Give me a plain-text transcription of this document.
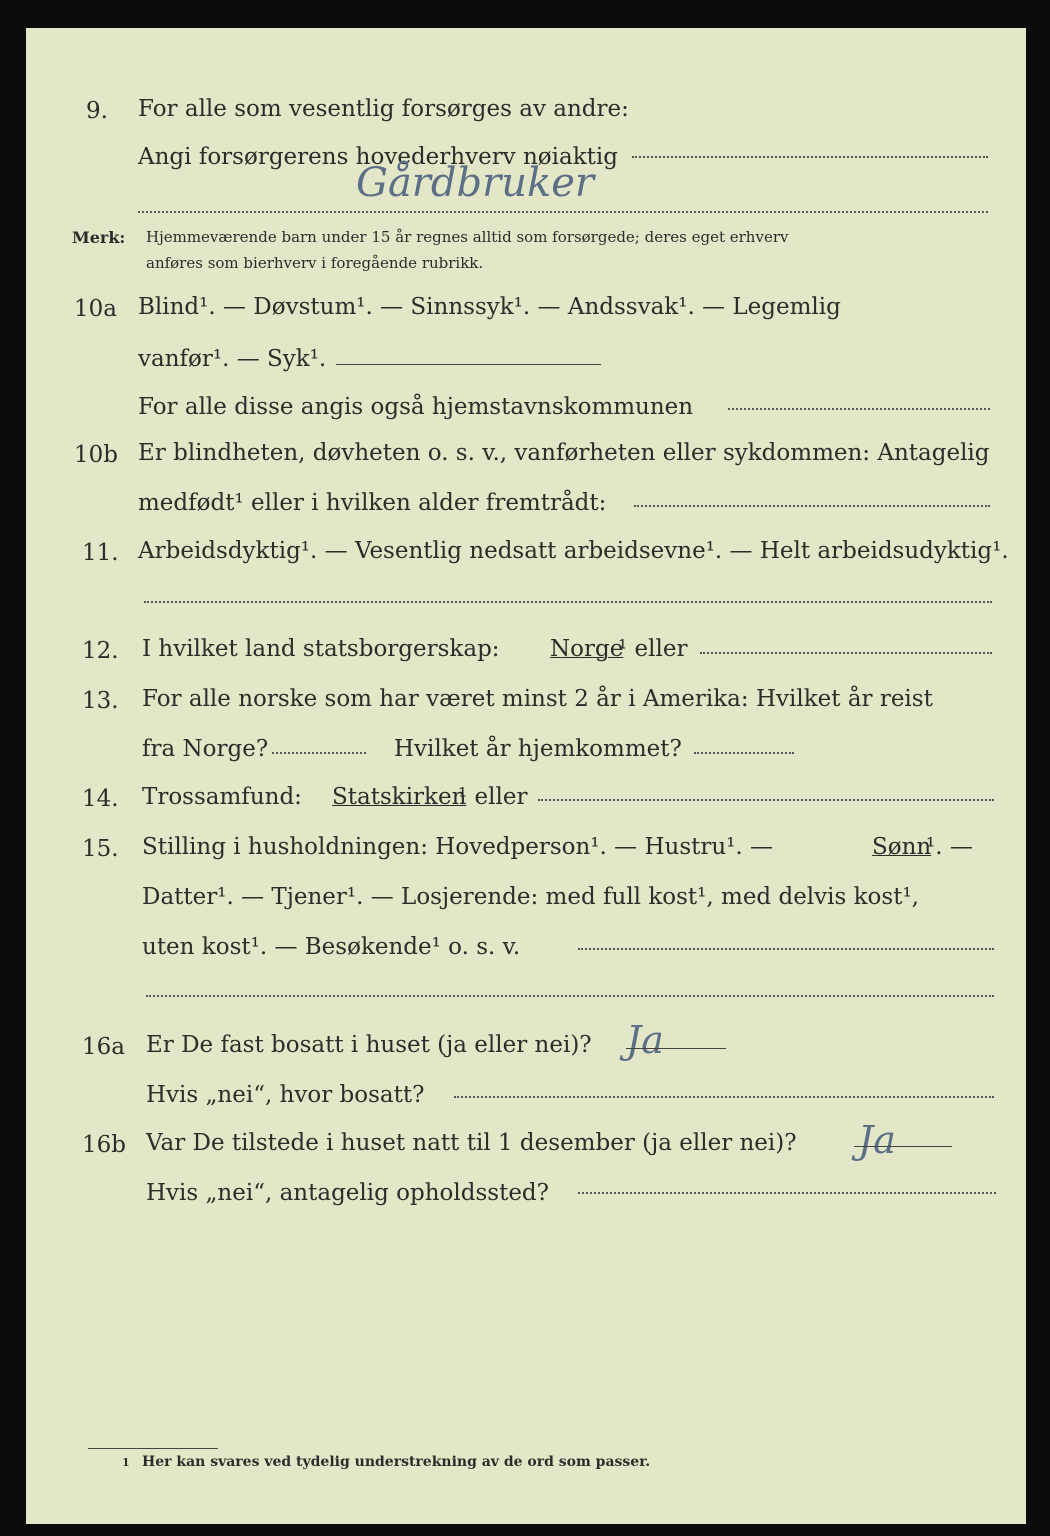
9. For alle som vesentlig forsørges av andre:
Angi forsørgerens hovederhverv nøiaktig
Gårdbruker
Merk: Hjemmeværende barn under 15 år regnes alltid som forsørgede; deres eget erhverv
anføres som bierhverv i foregående rubrikk.
10a Blind¹. — Døvstum¹. — Sinnssyk¹. — Andssvak¹. — Legemlig
vanfør¹. — Syk¹.
For alle disse angis også hjemstavnskommunen
10b Er blindheten, døvheten o. s. v., vanførheten eller sykdommen: Antagelig
medfødt¹ eller i hvilken alder fremtrådt:
11. Arbeidsdyktig¹. — Vesentlig nedsatt arbeidsevne¹. — Helt arbeidsudyktig¹.
12. I hvilket land statsborgerskap: Norge
¹ eller
13. For alle norske som har været minst 2 år i Amerika: Hvilket år reist
fra Norge?	Hvilket år hjemkommet?
14. Trossamfund: Statskirken
¹ eller
15. Stilling i husholdningen: Hovedperson¹. — Hustru¹. —	Sønn
¹. —
Datter¹. — Tjener¹. — Losjerende: med full kost¹, med delvis kost¹,
uten kost¹. — Besøkende¹ o. s. v.
16a Er De fast bosatt i huset (ja eller nei)? Ja
Hvis „nei“, hvor bosatt?
16b Var De tilstede i huset natt til 1 desember (ja eller nei)? Ja
Hvis „nei“, antagelig opholdssted?
1 Her kan svares ved tydelig understrekning av de ord som passer.
